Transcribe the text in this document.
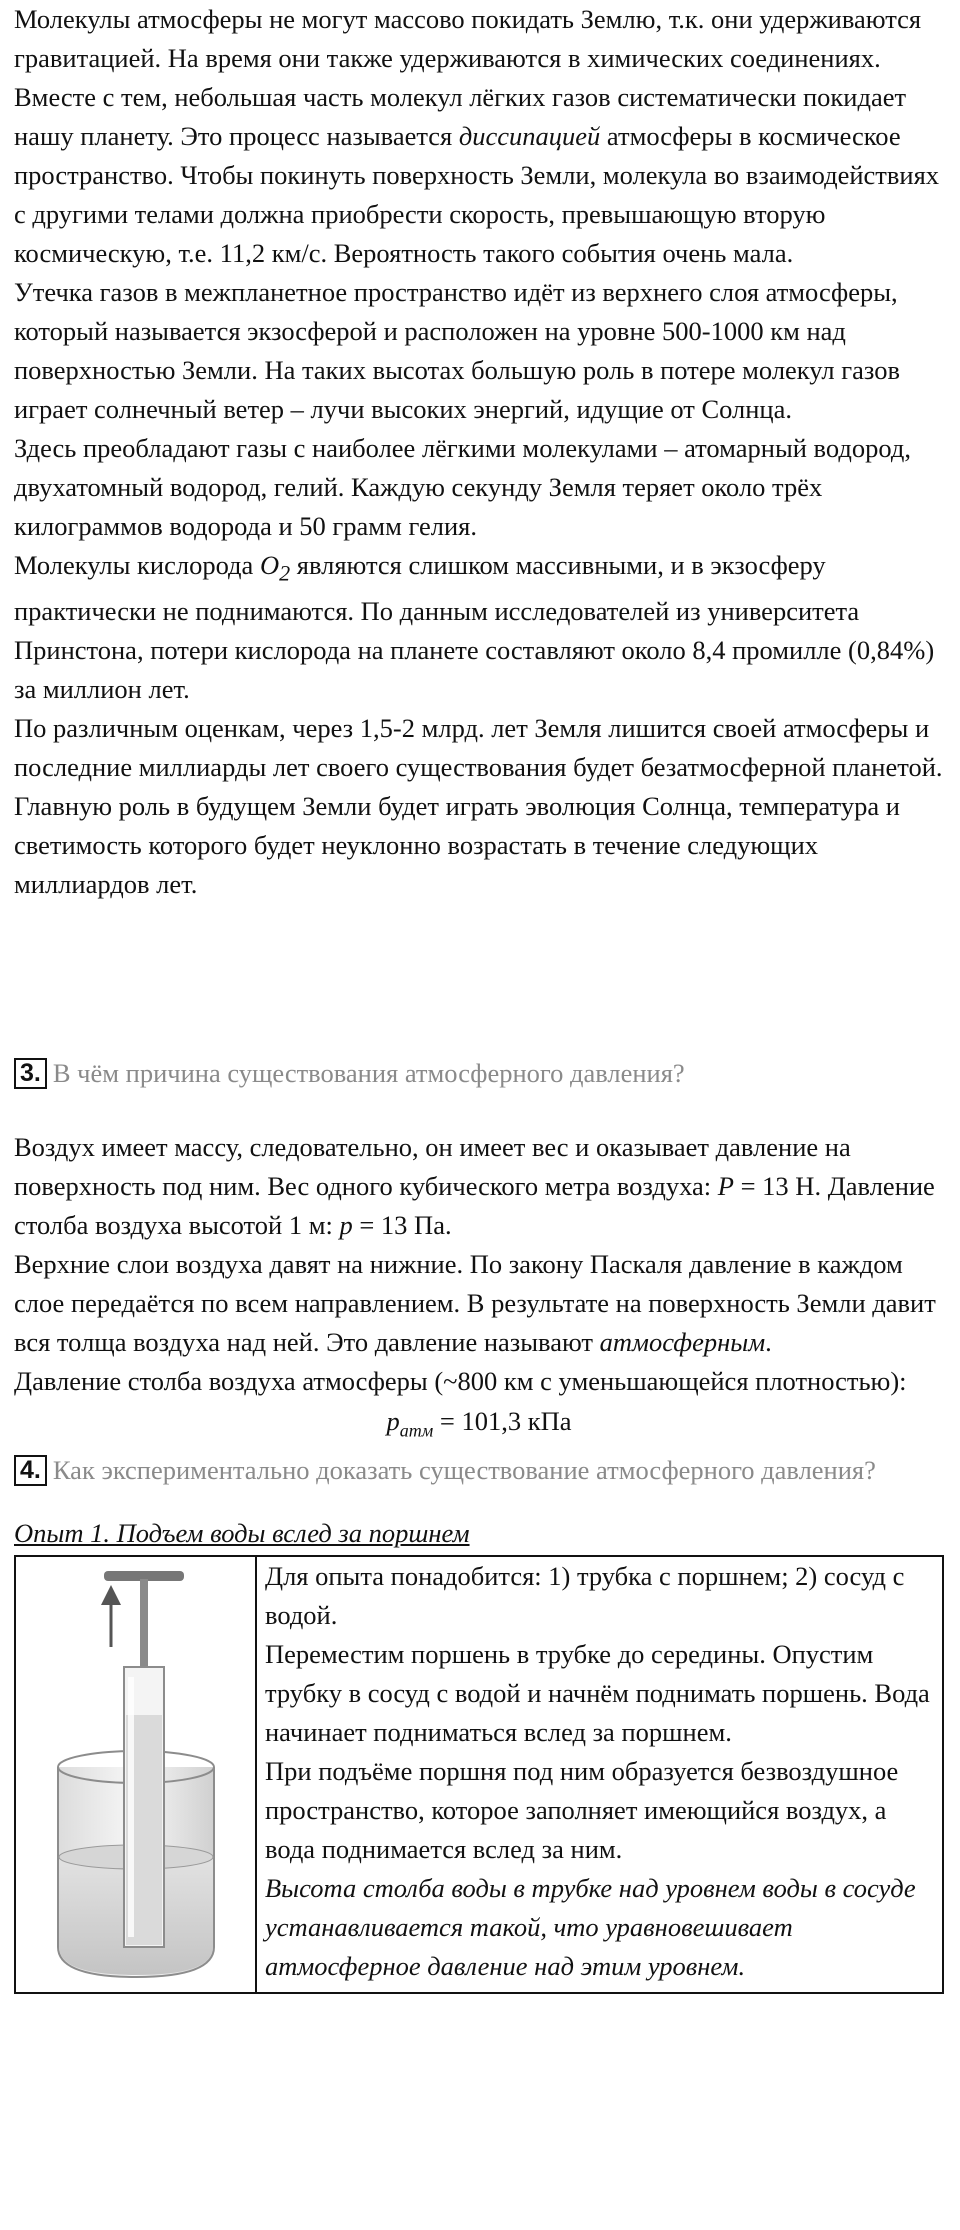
Молекулы атмосферы не могут массово покидать Землю, т.к. они удерживаются гравитацией. На время они также удерживаются в химических соединениях.

Вместе с тем, небольшая часть молекул лёгких газов систематически покидает нашу планету. Это процесс называется диссипацией атмосферы в космическое пространство. Чтобы покинуть поверхность Земли, молекула во взаимодействиях с другими телами должна приобрести скорость, превышающую вторую космическую, т.е. 11,2 км/с. Вероятность такого события очень мала.

Утечка газов в межпланетное пространство идёт из верхнего слоя атмосферы, который называется экзосферой и расположен на уровне 500-1000 км над поверхностью Земли. На таких высотах большую роль в потере молекул газов играет солнечный ветер – лучи высоких энергий, идущие от Солнца.

Здесь преобладают газы с наиболее лёгкими молекулами – атомарный водород, двухатомный водород, гелий. Каждую секунду Земля теряет около трёх килограммов водорода и 50 грамм гелия.

Молекулы кислорода $O_2$ являются слишком массивными, и в экзосферу практически не поднимаются. По данным исследователей из университета Принстона, потери кислорода на планете составляют около 8,4 промилле (0,84%) за миллион лет.

По различным оценкам, через 1,5-2 млрд. лет Земля лишится своей атмосферы и последние миллиарды лет своего существования будет безатмосферной планетой.

Главную роль в будущем Земли будет играть эволюция Солнца, температура и светимость которого будет неуклонно возрастать в течение следующих миллиардов лет.

3. В чём причина существования атмосферного давления?

Воздух имеет массу, следовательно, он имеет вес и оказывает давление на поверхность под ним. Вес одного кубического метра воздуха: P = 13 Н. Давление столба воздуха высотой 1 м: p = 13 Па.

Верхние слои воздуха давят на нижние. По закону Паскаля давление в каждом слое передаётся по всем направлением. В результате на поверхность Земли давит вся толща воздуха над ней. Это давление называют атмосферным.

Давление столба воздуха атмосферы (~800 км с уменьшающейся плотностью):

$p_{атм} = 101,3$ кПа

4. Как экспериментально доказать существование атмосферного давления?

Опыт 1. Подъем воды вслед за поршнем

Для опыта понадобится: 1) трубка с поршнем; 2) сосуд с водой.

Переместим поршень в трубке до середины. Опустим трубку в сосуд с водой и начнём поднимать поршень. Вода начинает подниматься вслед за поршнем.

При подъёме поршня под ним образуется безвоздушное пространство, которое заполняет имеющийся воздух, а вода поднимается вслед за ним.

Высота столба воды в трубке над уровнем воды в сосуде устанавливается такой, что уравновешивает атмосферное давление над этим уровнем.
